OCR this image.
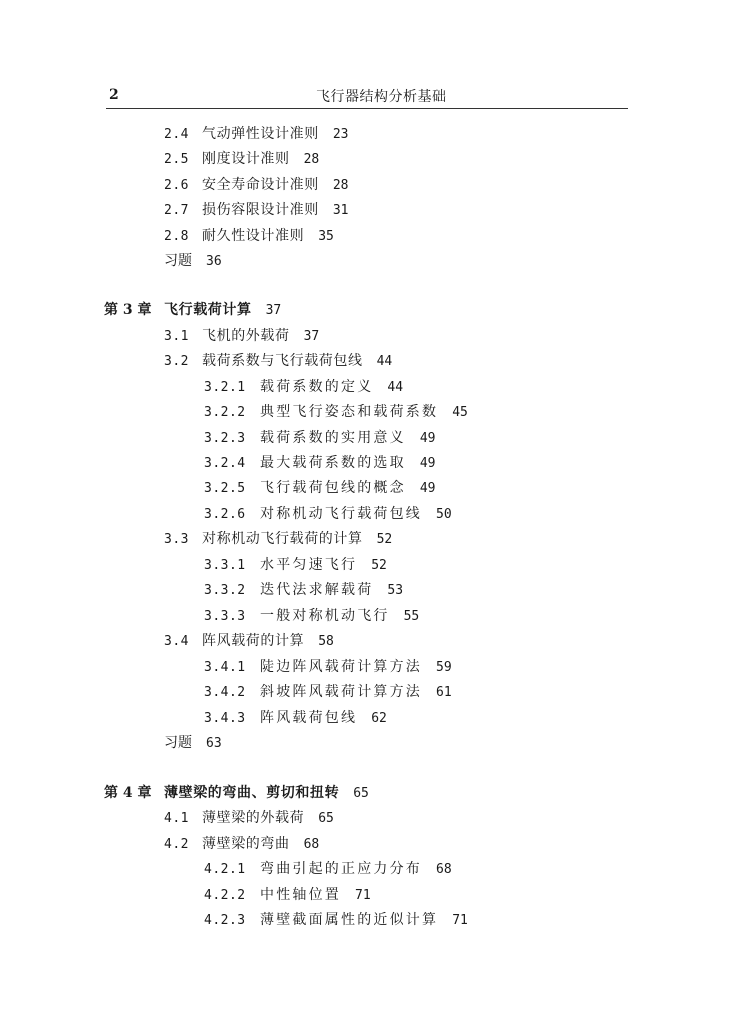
2	飞行器结构分析基础
2.4 气动弹性设计准则 23
2.5 刚度设计准则 28
2.6 安全寿命设计准则 28
2.7 损伤容限设计准则 31
2.8 耐久性设计准则 35
习题 36
第 3 章 飞行载荷计算 37
3.1 飞机的外载荷 37
3.2 载荷系数与飞行载荷包线 44
3.2.1 载荷系数的定义 44
3.2.2 典型飞行姿态和载荷系数 45
3.2.3 载荷系数的实用意义 49
3.2.4 最大载荷系数的选取 49
3.2.5 飞行载荷包线的概念 49
3.2.6 对称机动飞行载荷包线 50
3.3 对称机动飞行载荷的计算 52
3.3.1 水平匀速飞行 52
3.3.2 迭代法求解载荷 53
3.3.3 一般对称机动飞行 55
3.4 阵风载荷的计算 58
3.4.1 陡边阵风载荷计算方法 59
3.4.2 斜坡阵风载荷计算方法 61
3.4.3 阵风载荷包线 62
习题 63
第 4 章 薄壁梁的弯曲、剪切和扭转 65
4.1 薄壁梁的外载荷 65
4.2 薄壁梁的弯曲 68
4.2.1 弯曲引起的正应力分布 68
4.2.2 中性轴位置 71
4.2.3 薄壁截面属性的近似计算 71
